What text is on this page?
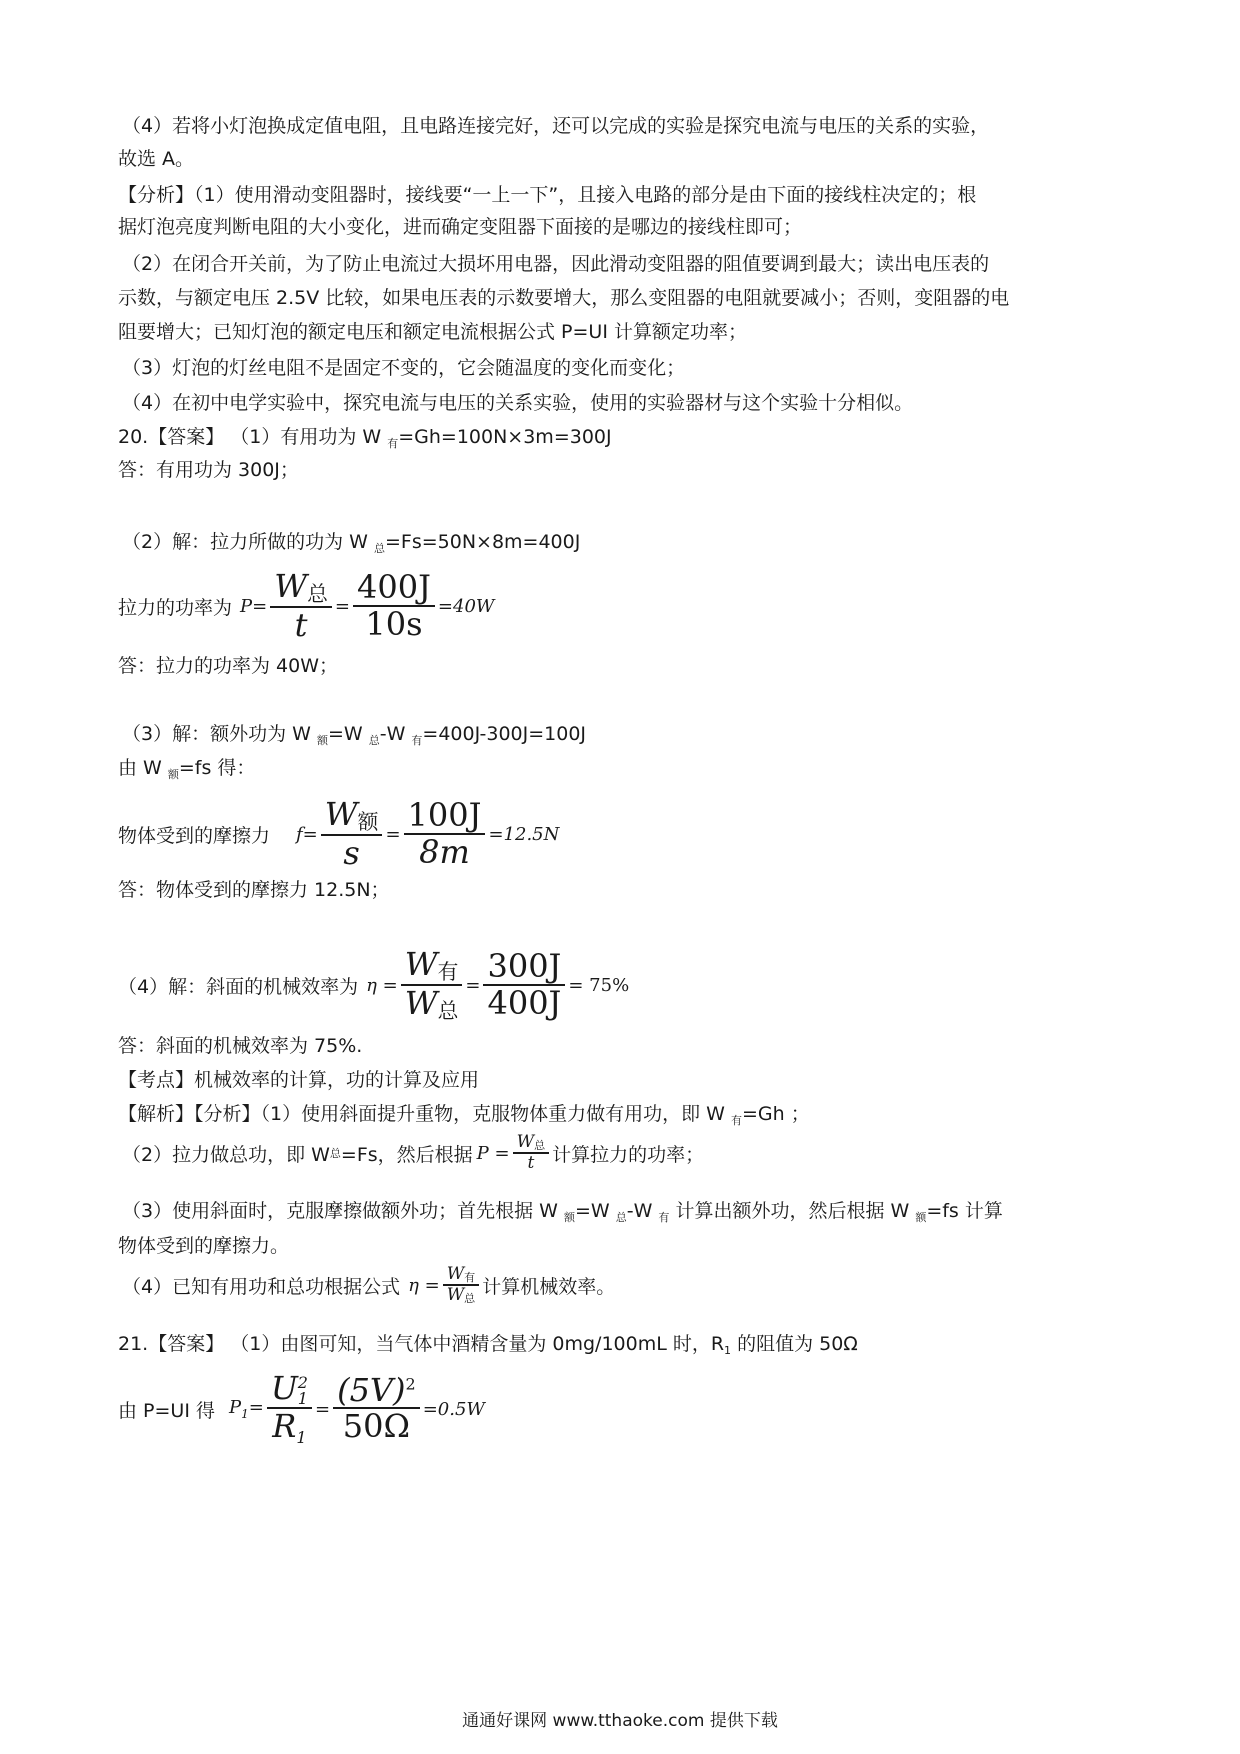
（4）若将小灯泡换成定值电阻，且电路连接完好，还可以完成的实验是探究电流与电压的关系的实验，
故选 A。
【分析】（1）使用滑动变阻器时，接线要“一上一下”，且接入电路的部分是由下面的接线柱决定的；根
据灯泡亮度判断电阻的大小变化，进而确定变阻器下面接的是哪边的接线柱即可；
（2）在闭合开关前，为了防止电流过大损坏用电器，因此滑动变阻器的阻值要调到最大；读出电压表的
示数，与额定电压 2.5V 比较，如果电压表的示数要增大，那么变阻器的电阻就要减小；否则，变阻器的电
阻要增大；已知灯泡的额定电压和额定电流根据公式 P=UI 计算额定功率；
（3）灯泡的灯丝电阻不是固定不变的，它会随温度的变化而变化；
（4）在初中电学实验中，探究电流与电压的关系实验，使用的实验器材与这个实验十分相似。
20.【答案】 （1）有用功为 W $_有$=Gh=100N×3m=300J
答：有用功为 300J；
（2）解：拉力所做的功为 W $_总$=Fs=50N×8m=400J
拉力的功率为 $P= \frac{\text{W总}}{t} = \frac{400J}{10s} =40W$
答：拉力的功率为 40W；
（3）解：额外功为 W $_额$=W $_总$-W $_有$=400J-300J=100J
由 W $_额$=fs 得：
物体受到的摩擦力 $f= \frac{\text{W额}}{s} = \frac{100J}{8m} =12.5N$
答：物体受到的摩擦力 12.5N；
（4）解：斜面的机械效率为 $\eta = \frac{\text{W有}}{\text{W总}} = \frac{300J}{400J} = 75\%$
答：斜面的机械效率为 75%.
【考点】机械效率的计算，功的计算及应用
【解析】【分析】（1）使用斜面提升重物，克服物体重力做有用功，即 W $_有$=Gh ；
（2）拉力做总功，即 W 总 =Fs，然后根据 $P = \frac{\text{W总}}{t}$ 计算拉力的功率；
（3）使用斜面时，克服摩擦做额外功；首先根据 W $_额$=W $_总$-W $_有$ 计算出额外功，然后根据 W $_额$=fs 计算
物体受到的摩擦力。
（4）已知有用功和总功根据公式 $\eta = \frac{\text{W有}}{\text{W总}}$ 计算机械效率。
21.【答案】 （1）由图可知，当气体中酒精含量为 0mg/100mL 时，$R_1$ 的阻值为 50Ω
由 P=UI 得 $P_1= U$ 2
1
$R1 = \frac{(5V)^2}{50\Omega} =0.5W$
通通好课网 www.tthaoke.com 提供下载
